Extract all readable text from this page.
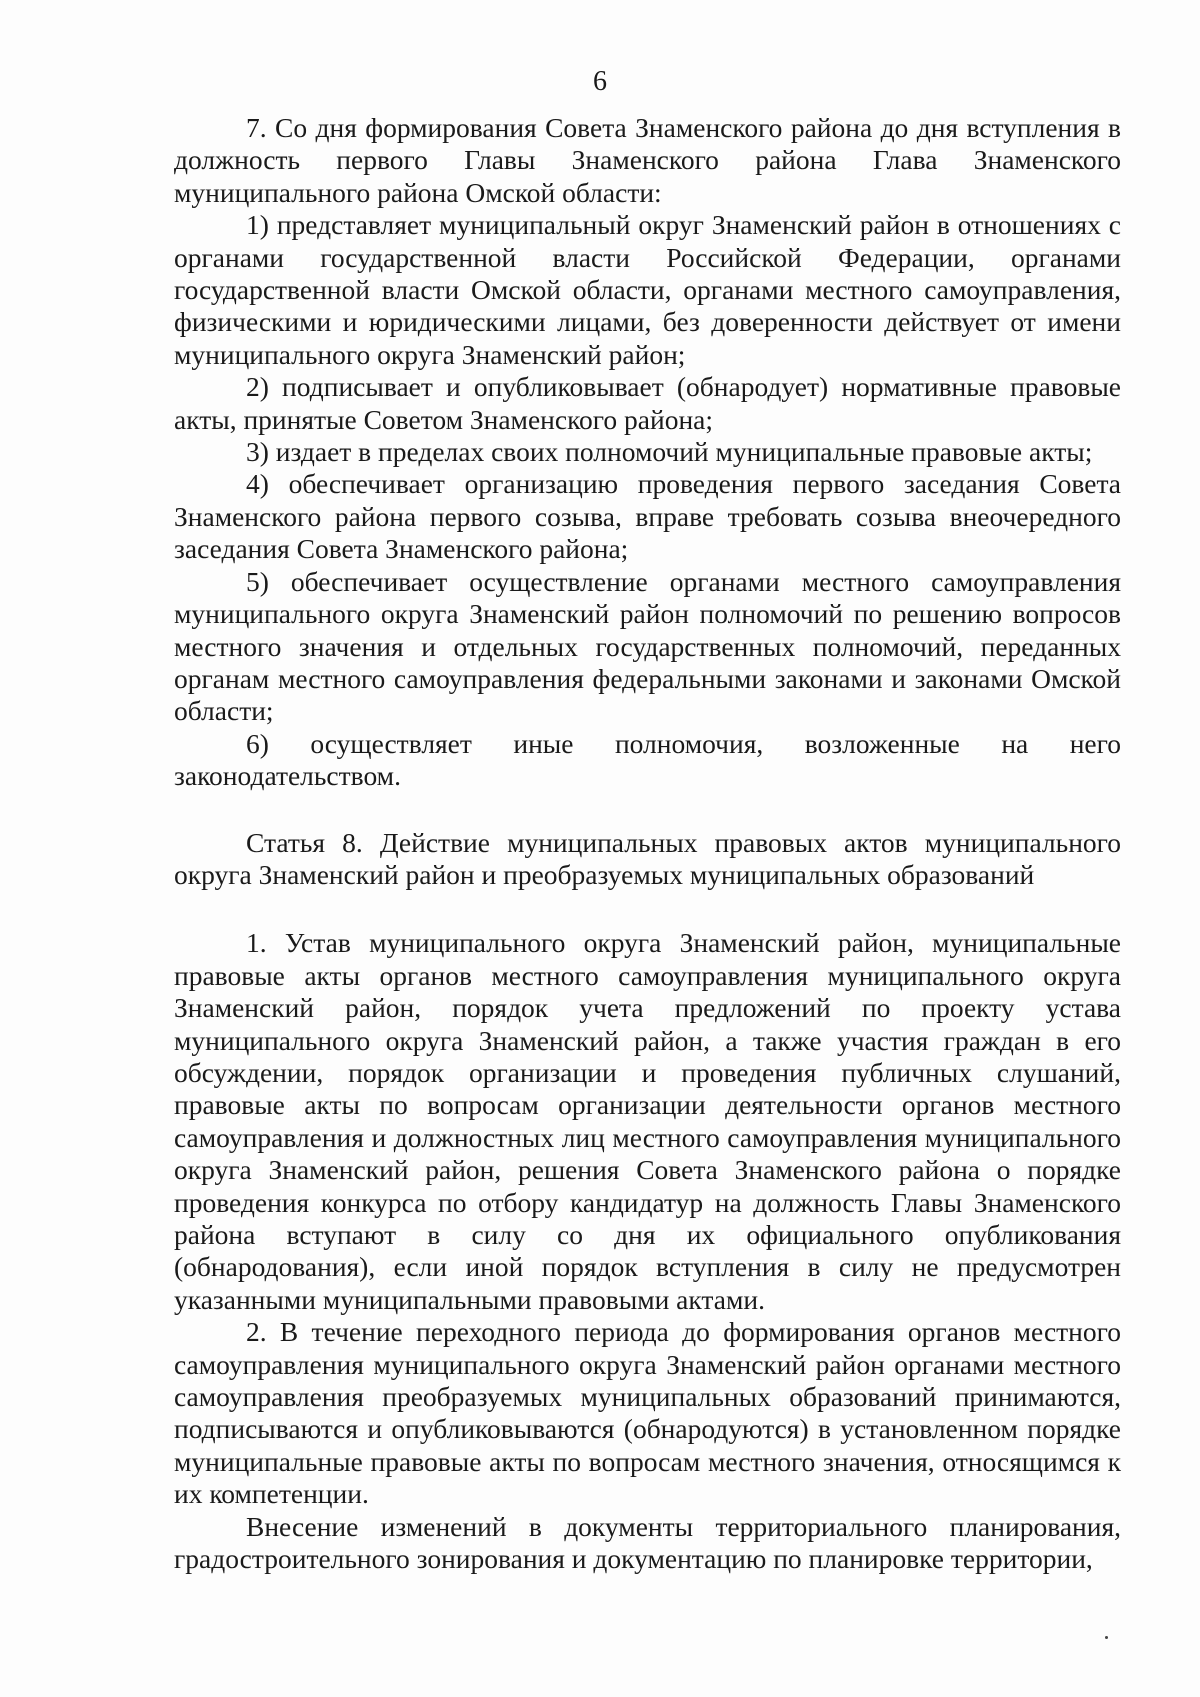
6

7. Со дня формирования Совета Знаменского района до дня вступления в должность первого Главы Знаменского района Глава Знаменского муниципального района Омской области:

1) представляет муниципальный округ Знаменский район в отношениях с органами государственной власти Российской Федерации, органами государственной власти Омской области, органами местного самоуправления, физическими и юридическими лицами, без доверенности действует от имени муниципального округа Знаменский район;

2) подписывает и опубликовывает (обнародует) нормативные правовые акты, принятые Советом Знаменского района;

3) издает в пределах своих полномочий муниципальные правовые акты;

4) обеспечивает организацию проведения первого заседания Совета Знаменского района первого созыва, вправе требовать созыва внеочередного заседания Совета Знаменского района;

5) обеспечивает осуществление органами местного самоуправления муниципального округа Знаменский район полномочий по решению вопросов местного значения и отдельных государственных полномочий, переданных органам местного самоуправления федеральными законами и законами Омской области;

6) осуществляет иные полномочия, возложенные на него законодательством.

Статья 8. Действие муниципальных правовых актов муниципального округа Знаменский район и преобразуемых муниципальных образований

1. Устав муниципального округа Знаменский район, муниципальные правовые акты органов местного самоуправления муниципального округа Знаменский район, порядок учета предложений по проекту устава муниципального округа Знаменский район, а также участия граждан в его обсуждении, порядок организации и проведения публичных слушаний, правовые акты по вопросам организации деятельности органов местного самоуправления и должностных лиц местного самоуправления муниципального округа Знаменский район, решения Совета Знаменского района о порядке проведения конкурса по отбору кандидатур на должность Главы Знаменского района вступают в силу со дня их официального опубликования (обнародования), если иной порядок вступления в силу не предусмотрен указанными муниципальными правовыми актами.

2. В течение переходного периода до формирования органов местного самоуправления муниципального округа Знаменский район органами местного самоуправления преобразуемых муниципальных образований принимаются, подписываются и опубликовываются (обнародуются) в установленном порядке муниципальные правовые акты по вопросам местного значения, относящимся к их компетенции.

Внесение изменений в документы территориального планирования, градостроительного зонирования и документацию по планировке территории,
